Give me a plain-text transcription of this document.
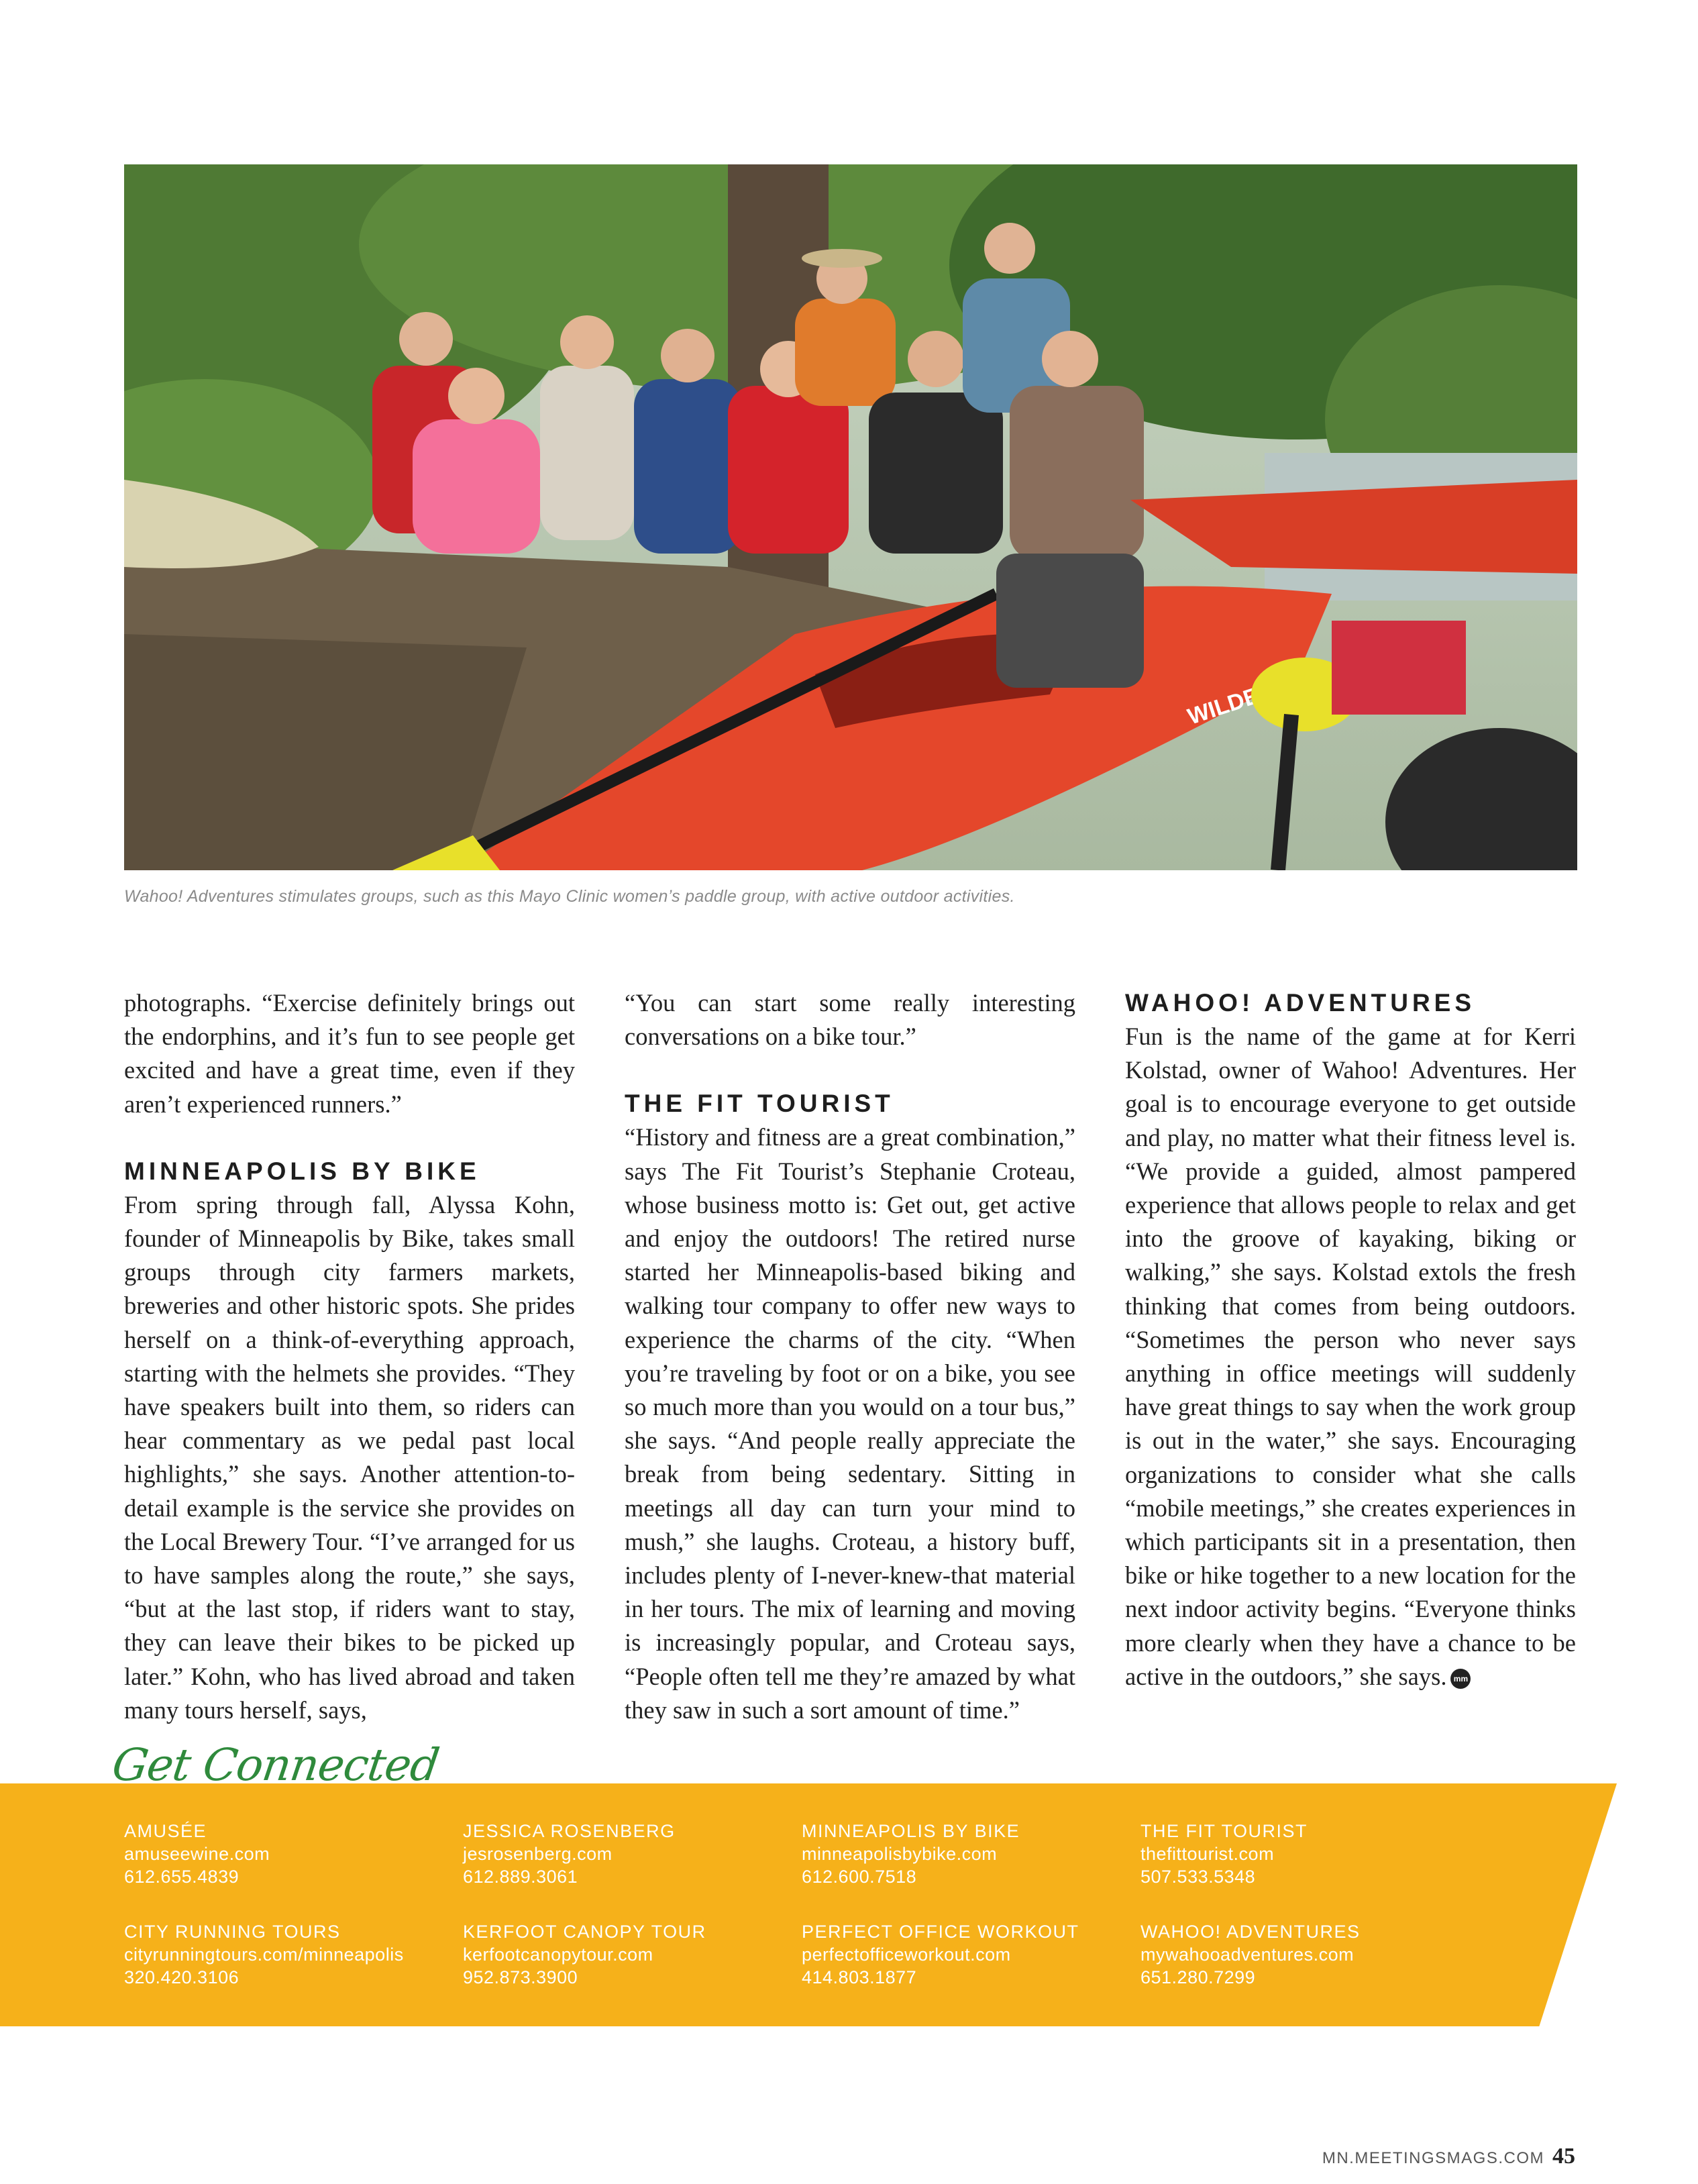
Wahoo! Adventures stimulates groups, such as this Mayo Clinic women’s paddle group, with active outdoor activities.

photographs. “Exercise definitely brings out the endorphins, and it’s fun to see people get excited and have a great time, even if they aren’t experienced runners.”

MINNEAPOLIS BY BIKE

From spring through fall, Alyssa Kohn, founder of Minneapolis by Bike, takes small groups through city farmers markets, breweries and other historic spots. She prides herself on a think-of-everything approach, starting with the helmets she provides. “They have speakers built into them, so riders can hear commentary as we pedal past local highlights,” she says. Another attention-to-detail example is the service she provides on the Local Brewery Tour. “I’ve arranged for us to have samples along the route,” she says, “but at the last stop, if riders want to stay, they can leave their bikes to be picked up later.” Kohn, who has lived abroad and taken many tours herself, says,

“You can start some really interesting conversations on a bike tour.”

THE FIT TOURIST

“History and fitness are a great combination,” says The Fit Tourist’s Stephanie Croteau, whose business motto is: Get out, get active and enjoy the outdoors! The retired nurse started her Minneapolis-based biking and walking tour company to offer new ways to experience the charms of the city. “When you’re traveling by foot or on a bike, you see so much more than you would on a tour bus,” she says. “And people really appreciate the break from being sedentary. Sitting in meetings all day can turn your mind to mush,” she laughs. Croteau, a history buff, includes plenty of I-never-knew-that material in her tours. The mix of learning and moving is increasingly popular, and Croteau says, “People often tell me they’re amazed by what they saw in such a sort amount of time.”

WAHOO! ADVENTURES

Fun is the name of the game at for Kerri Kolstad, owner of Wahoo! Adventures. Her goal is to encourage everyone to get outside and play, no matter what their fitness level is. “We provide a guided, almost pampered experience that allows people to relax and get into the groove of kayaking, biking or walking,” she says. Kolstad extols the fresh thinking that comes from being outdoors. “Sometimes the person who never says anything in office meetings will suddenly have great things to say when the work group is out in the water,” she says. Encouraging organizations to consider what she calls “mobile meetings,” she creates experiences in which participants sit in a presentation, then bike or hike together to a new location for the next indoor activity begins. “Everyone thinks more clearly when they have a chance to be active in the outdoors,” she says. mm

Get Connected
AMUSÉE
amuseewine.com
612.655.4839
JESSICA ROSENBERG
jesrosenberg.com
612.889.3061
MINNEAPOLIS BY BIKE
minneapolisbybike.com
612.600.7518
THE FIT TOURIST
thefittourist.com
507.533.5348
CITY RUNNING TOURS
cityrunningtours.com/minneapolis
320.420.3106
KERFOOT CANOPY TOUR
kerfootcanopytour.com
952.873.3900
PERFECT OFFICE WORKOUT
perfectofficeworkout.com
414.803.1877
WAHOO! ADVENTURES
mywahooadventures.com
651.280.7299
MN.MEETINGSMAGS.COM 45
